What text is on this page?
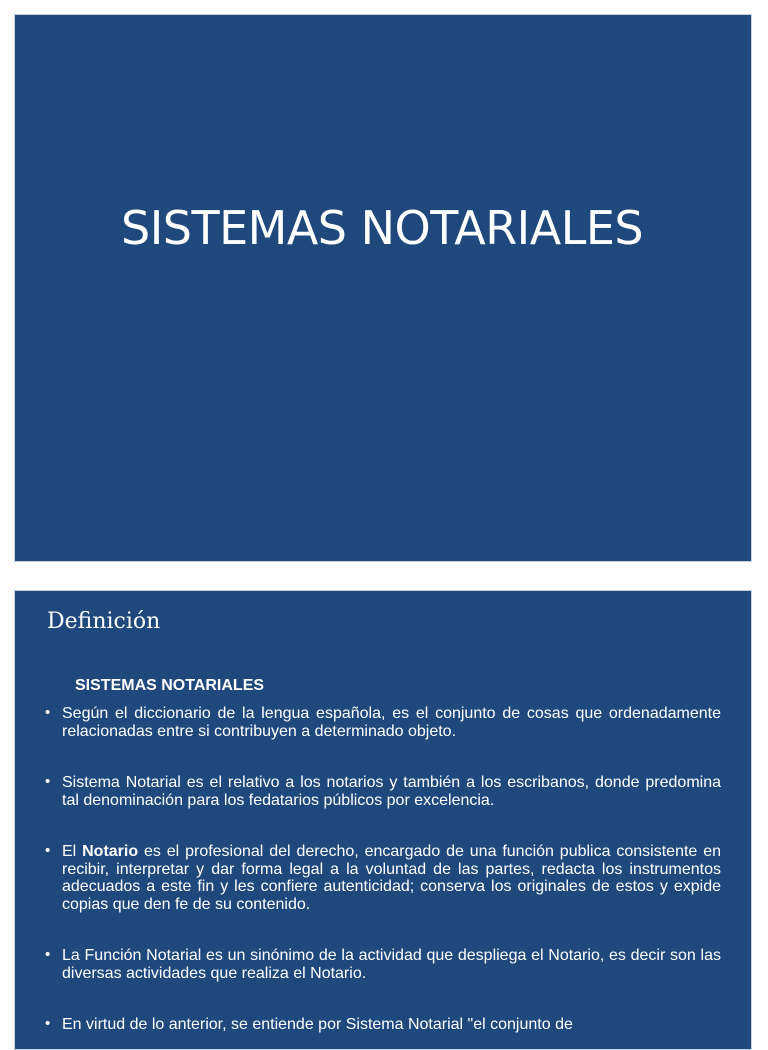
SISTEMAS NOTARIALES
Definición
SISTEMAS NOTARIALES
• Según el diccionario de la lengua española, es el conjunto de cosas que ordenadamente relacionadas entre si contribuyen a determinado objeto.
• Sistema Notarial es el relativo a los notarios y también a los escribanos, donde predomina tal denominación para los fedatarios públicos por excelencia.
• El Notario es el profesional del derecho, encargado de una función publica consistente en recibir, interpretar y dar forma legal a la voluntad de las partes, redacta los instrumentos adecuados a este fin y les confiere autenticidad; conserva los originales de estos y expide copias que den fe de su contenido.
• La Función Notarial es un sinónimo de la actividad que despliega el Notario, es decir son las diversas actividades que realiza el Notario.
• En virtud de lo anterior, se entiende por Sistema Notarial "el conjunto de
